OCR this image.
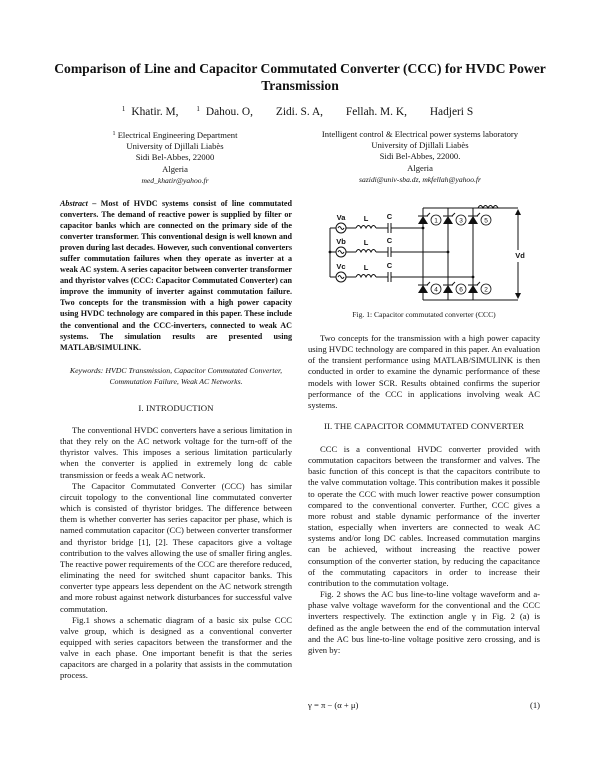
Comparison of Line and Capacitor Commutated Converter (CCC) for HVDC Power
Transmission
$^1$ Khatir. M,	$^1$ Dahou. O, Zidi. S. A, Fellah. M. K, Hadjeri S
$^1$ Electrical Engineering Department
University of Djillali Liabès
Sidi Bel-Abbes, 22000
Algeria
med_khatir@yahoo.fr
Intelligent control & Electrical power systems laboratory
University of Djillali Liabès
Sidi Bel-Abbes, 22000.
Algeria
sazidi@univ-sba.dz, mkfellah@yahoo.fr
Abstract – Most of HVDC systems consist of line commutated converters. The demand of reactive power is supplied by filter or capacitor banks which are connected on the primary side of the converter transformer. This conventional design is well known and proven during last decades. However, such conventional converters suffer commutation failures when they operate as inverter at a weak AC system. A series capacitor between converter transformer and thyristor valves (CCC: Capacitor Commutated Converter) can improve the immunity of inverter against commutation failure. Two concepts for the transmission with a high power capacity using HVDC technology are compared in this paper. These include the conventional and the CCC-inverters, connected to weak AC systems. The simulation results are presented using MATLAB/SIMULINK.
Keywords: HVDC Transmission, Capacitor Commutated Converter, Commutation Failure, Weak AC Networks.
I. INTRODUCTION

The conventional HVDC converters have a serious limitation in that they rely on the AC network voltage for the turn-off of the thyristor valves. This imposes a serious limitation particularly when the converter is applied in extremely long dc cable transmission or feeds a weak AC network.

The Capacitor Commutated Converter (CCC) has similar circuit topology to the conventional line commutated converter which is consisted of thyristor bridges. The difference between them is whether converter has series capacitor per phase, which is named commutation capacitor (CC) between converter transformer and thyristor bridge [1], [2]. These capacitors give a voltage contribution to the valves allowing the use of smaller firing angles. The reactive power requirements of the CCC are therefore reduced, eliminating the need for switched shunt capacitor banks. This converter type appears less dependent on the AC network strength and more robust against network disturbances for successful valve commutation.

Fig.1 shows a schematic diagram of a basic six pulse CCC valve group, which is designed as a conventional converter equipped with series capacitors between the transformer and the valve in each phase. One important benefit is that the series capacitors are charged in a polarity that assists in the commutation process.

1	3	5
4	6	2
Va
Vb
Vc
L
L
L
C
C
C
Vd
Fig. 1: Capacitor commutated converter (CCC)

Two concepts for the transmission with a high power capacity using HVDC technology are compared in this paper. An evaluation of the transient performance using MATLAB/SIMULINK is then conducted in order to examine the dynamic performance of these models with lower SCR. Results obtained confirms the superior performance of the CCC in applications involving weak AC systems.

II. THE CAPACITOR COMMUTATED CONVERTER

CCC is a conventional HVDC converter provided with commutation capacitors between the transformer and valves. The basic function of this concept is that the capacitors contribute to the valve commutation voltage. This contribution makes it possible to operate the CCC with much lower reactive power consumption compared to the conventional converter. Further, CCC gives a more robust and stable dynamic performance of the inverter station, especially when inverters are connected to weak AC systems and/or long DC cables. Increased commutation margins can be achieved, without increasing the reactive power consumption of the converter station, by reducing the capacitance of the commutating capacitors in order to increase their contribution to the commutation voltage.

Fig. 2 shows the AC bus line-to-line voltage waveform and a-phase valve voltage waveform for the conventional and the CCC inverters respectively. The extinction angle γ in Fig. 2 (a) is defined as the angle between the end of the commutation interval and the AC bus line-to-line voltage positive zero crossing, and is given by:

γ = π − (α + μ)	(1)
